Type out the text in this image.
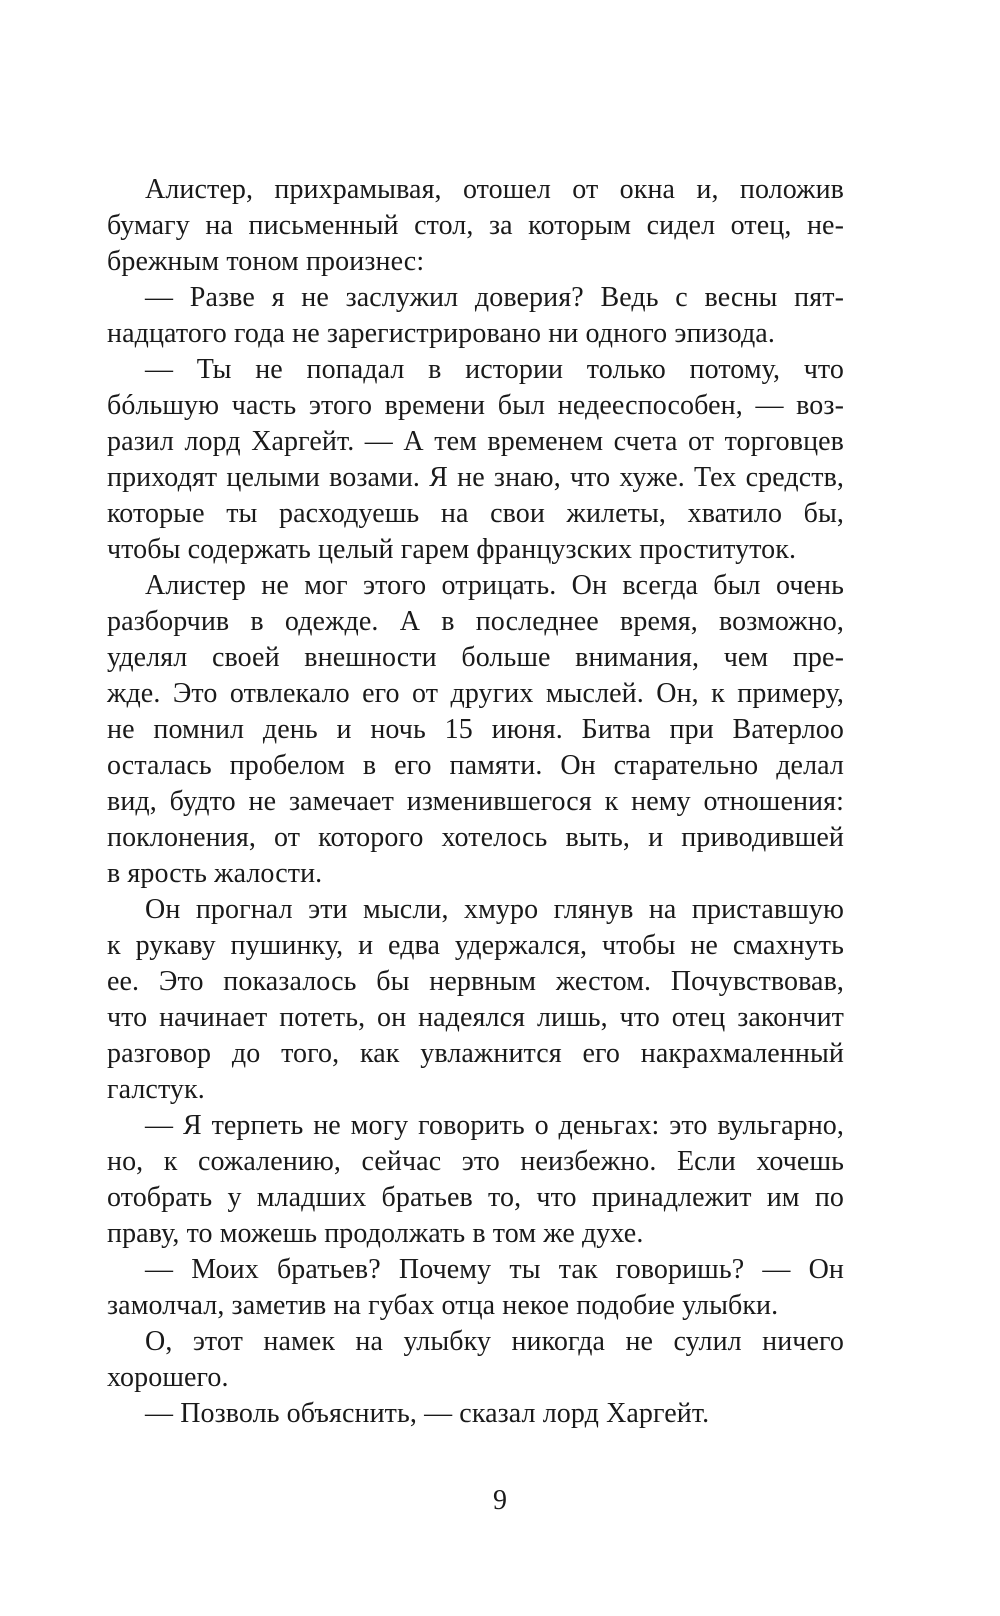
Алистер, прихрамывая, отошел от окна и, положив
бумагу на письменный стол, за которым сидел отец, не-
брежным тоном произнес:
— Разве я не заслужил доверия? Ведь с весны пят-
надцатого года не зарегистрировано ни одного эпизода.
— Ты не попадал в истории только потому, что
бóльшую часть этого времени был недееспособен, — воз-
разил лорд Харгейт. — А тем временем счета от торговцев
приходят целыми возами. Я не знаю, что хуже. Тех средств,
которые ты расходуешь на свои жилеты, хватило бы,
чтобы содержать целый гарем французских проституток.
Алистер не мог этого отрицать. Он всегда был очень
разборчив в одежде. А в последнее время, возможно,
уделял своей внешности больше внимания, чем пре-
жде. Это отвлекало его от других мыслей. Он, к примеру,
не помнил день и ночь 15 июня. Битва при Ватерлоо
осталась пробелом в его памяти. Он старательно делал
вид, будто не замечает изменившегося к нему отношения:
поклонения, от которого хотелось выть, и приводившей
в ярость жалости.
Он прогнал эти мысли, хмуро глянув на приставшую
к рукаву пушинку, и едва удержался, чтобы не смахнуть
ее. Это показалось бы нервным жестом. Почувствовав,
что начинает потеть, он надеялся лишь, что отец закончит
разговор до того, как увлажнится его накрахмаленный
галстук.
— Я терпеть не могу говорить о деньгах: это вульгарно,
но, к сожалению, сейчас это неизбежно. Если хочешь
отобрать у младших братьев то, что принадлежит им по
праву, то можешь продолжать в том же духе.
— Моих братьев? Почему ты так говоришь? — Он
замолчал, заметив на губах отца некое подобие улыбки.
О, этот намек на улыбку никогда не сулил ничего
хорошего.
— Позволь объяснить, — сказал лорд Харгейт.
9
